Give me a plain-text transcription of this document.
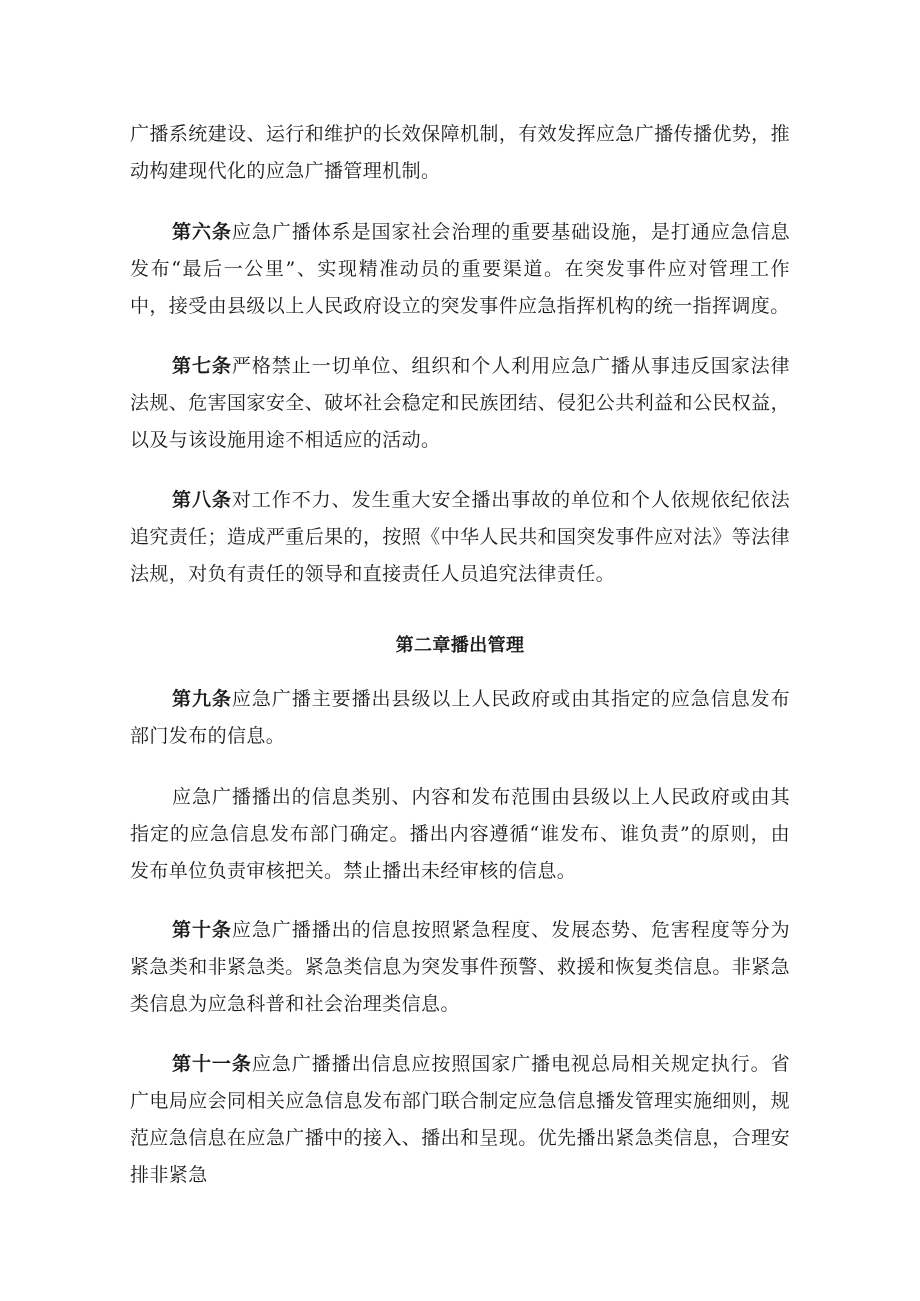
广播系统建设、运行和维护的长效保障机制，有效发挥应急广播传播优势，推动构建现代化的应急广播管理机制。

第六条应急广播体系是国家社会治理的重要基础设施，是打通应急信息发布“最后一公里”、实现精准动员的重要渠道。在突发事件应对管理工作中，接受由县级以上人民政府设立的突发事件应急指挥机构的统一指挥调度。

第七条严格禁止一切单位、组织和个人利用应急广播从事违反国家法律法规、危害国家安全、破坏社会稳定和民族团结、侵犯公共利益和公民权益，以及与该设施用途不相适应的活动。

第八条对工作不力、发生重大安全播出事故的单位和个人依规依纪依法追究责任；造成严重后果的，按照《中华人民共和国突发事件应对法》等法律法规，对负有责任的领导和直接责任人员追究法律责任。

第二章播出管理

第九条应急广播主要播出县级以上人民政府或由其指定的应急信息发布部门发布的信息。

应急广播播出的信息类别、内容和发布范围由县级以上人民政府或由其指定的应急信息发布部门确定。播出内容遵循“谁发布、谁负责”的原则，由发布单位负责审核把关。禁止播出未经审核的信息。

第十条应急广播播出的信息按照紧急程度、发展态势、危害程度等分为紧急类和非紧急类。紧急类信息为突发事件预警、救援和恢复类信息。非紧急类信息为应急科普和社会治理类信息。

第十一条应急广播播出信息应按照国家广播电视总局相关规定执行。省广电局应会同相关应急信息发布部门联合制定应急信息播发管理实施细则，规范应急信息在应急广播中的接入、播出和呈现。优先播出紧急类信息，合理安排非紧急
